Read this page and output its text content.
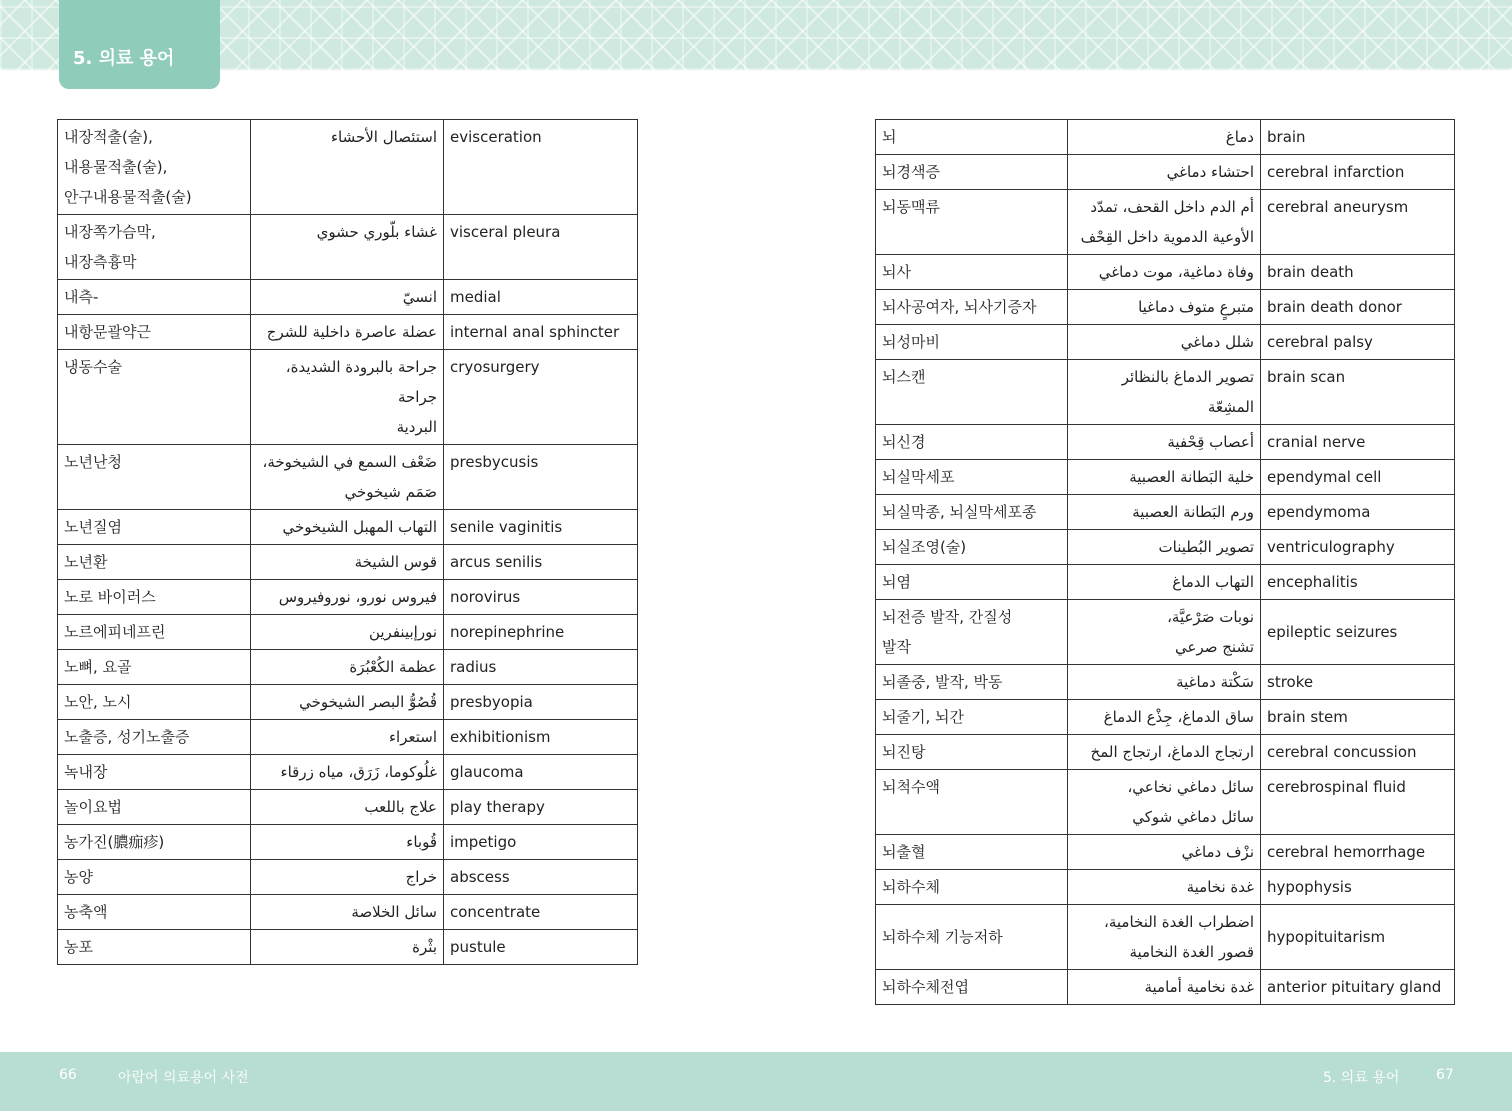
5. 의료 용어
내장적출(술),
내용물적출(술),
안구내용물적출(술)	استئصال الأحشاء	evisceration
내장쪽가슴막,
내장측흉막	غشاء بلّوري حشوي	visceral pleura
내측-	انسيّ	medial
내항문괄약근	عضلة عاصرة داخلية للشرج	internal anal sphincter
냉동수술	جراحة بالبرودة الشديدة، جراحة
البردية	cryosurgery
노년난청	ضَعْف السمع في الشيخوخة،
صَمَم شيخوخي	presbycusis
노년질염	التهاب المهبل الشيخوخي	senile vaginitis
노년환	قوس الشيخة	arcus senilis
노로 바이러스	فيروس نورو، نوروفيروس	norovirus
노르에피네프린	نورإبينفرين	norepinephrine
노뼈, 요골	عظمة الكُعْبُرَة	radius
노안, 노시	قُصُوُّ البصر الشيخوخي	presbyopia
노출증, 성기노출증	استعراء	exhibitionism
녹내장	غلُوكوما، زَرَق، مياه زرقاء	glaucoma
놀이요법	علاج باللعب	play therapy
농가진(膿痂疹)	قُوباء	impetigo
농양	خراج	abscess
농축액	سائل الخلاصة	concentrate
농포	بثْرة	pustule
뇌	دماغ	brain
뇌경색증	احتشاء دماغي	cerebral infarction
뇌동맥류	أم الدم داخل القحف، تمدّد
الأوعية الدموية داخل القِحْف	cerebral aneurysm
뇌사	وفاة دماغية، موت دماغي	brain death
뇌사공여자, 뇌사기증자	متبرعٍ متوف دماغيا	brain death donor
뇌성마비	شلل دماغي	cerebral palsy
뇌스캔	تصوير الدماغ بالنظائر المشِعّة	brain scan
뇌신경	أعصاب قِحْفية	cranial nerve
뇌실막세포	خلية البَطانة العصبية	ependymal cell
뇌실막종, 뇌실막세포종	ورم البَطانة العصبية	ependymoma
뇌실조영(술)	تصوير البُطينات	ventriculography
뇌염	التهاب الدماغ	encephalitis
뇌전증 발작, 간질성
발작	نوبات صَرْعيَّة،
تشنج صرعي	epileptic seizures
뇌졸중, 발작, 박동	سَكْتة دماغية	stroke
뇌줄기, 뇌간	ساق الدماغ، جِذْع الدماغ	brain stem
뇌진탕	ارتجاج الدماغ، ارتجاج المخ	cerebral concussion
뇌척수액	سائل دماغي نخاعي،
سائل دماغي شوكي	cerebrospinal fluid
뇌출혈	نزْف دماغي	cerebral hemorrhage
뇌하수체	غدة نخامية	hypophysis
뇌하수체 기능저하	اضطراب الغدة النخامية،
قصور الغدة النخامية	hypopituitarism
뇌하수체전엽	غدة نخامية أمامية	anterior pituitary gland
66	아랍어 의료용어 사전	5. 의료 용어	67
